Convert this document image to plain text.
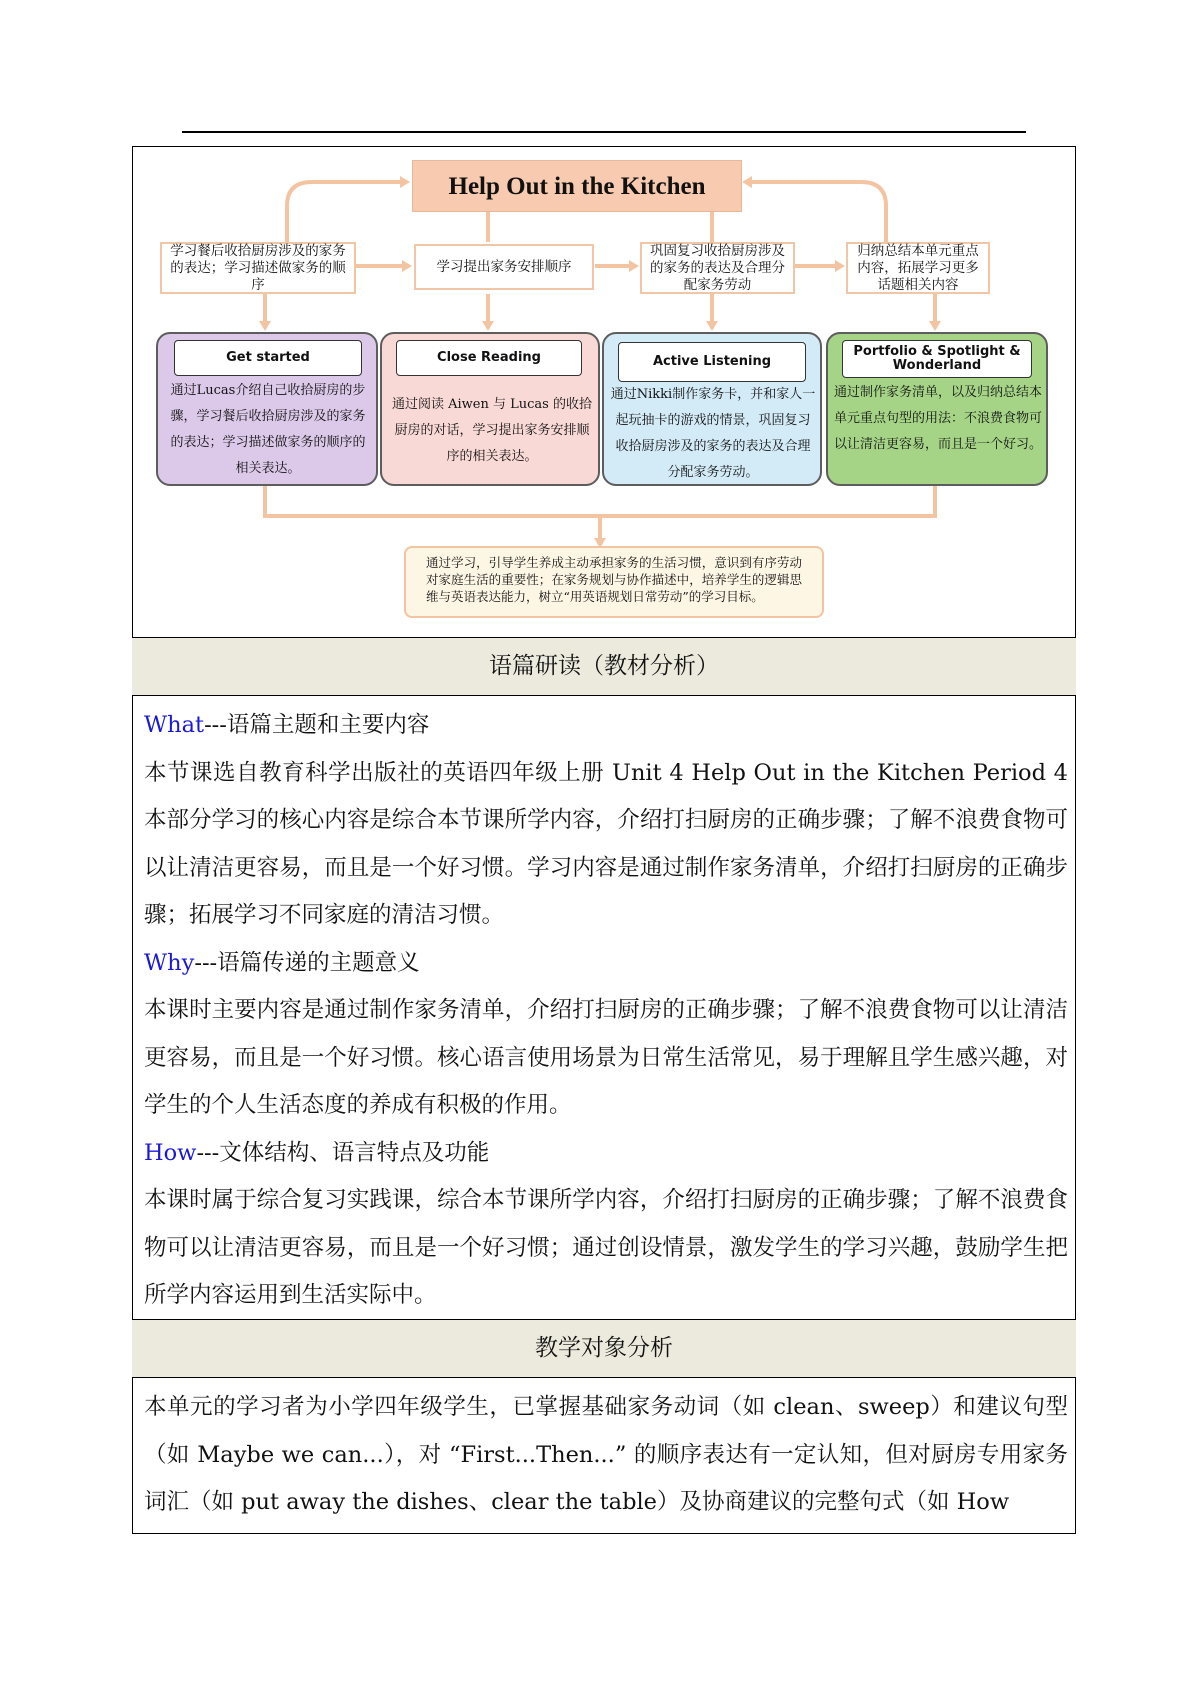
Help Out in the Kitchen
学习餐后收拾厨房涉及的家务的表达；学习描述做家务的顺序
学习提出家务安排顺序
巩固复习收拾厨房涉及的家务的表达及合理分配家务劳动
归纳总结本单元重点内容，拓展学习更多话题相关内容
Get started
通过Lucas介绍自己收拾厨房的步骤，学习餐后收拾厨房涉及的家务的表达；学习描述做家务的顺序的相关表达。
Close Reading
通过阅读 Aiwen 与 Lucas 的收拾厨房的对话，学习提出家务安排顺序的相关表达。
Active Listening
通过Nikki制作家务卡，并和家人一起玩抽卡的游戏的情景，巩固复习收拾厨房涉及的家务的表达及合理分配家务劳动。
Portfolio & Spotlight & Wonderland
通过制作家务清单，以及归纳总结本单元重点句型的用法：不浪费食物可以让清洁更容易，而且是一个好习。
通过学习，引导学生养成主动承担家务的生活习惯，意识到有序劳动对家庭生活的重要性；在家务规划与协作描述中，培养学生的逻辑思维与英语表达能力，树立“用英语规划日常劳动”的学习目标。
语篇研读（教材分析）

What---语篇主题和主要内容

本节课选自教育科学出版社的英语四年级上册 Unit 4 Help Out in the Kitchen Period 4 本部分学习的核心内容是综合本节课所学内容，介绍打扫厨房的正确步骤；了解不浪费食物可以让清洁更容易，而且是一个好习惯。学习内容是通过制作家务清单，介绍打扫厨房的正确步骤；拓展学习不同家庭的清洁习惯。

Why---语篇传递的主题意义

本课时主要内容是通过制作家务清单，介绍打扫厨房的正确步骤；了解不浪费食物可以让清洁更容易，而且是一个好习惯。核心语言使用场景为日常生活常见，易于理解且学生感兴趣，对学生的个人生活态度的养成有积极的作用。

How---文体结构、语言特点及功能

本课时属于综合复习实践课，综合本节课所学内容，介绍打扫厨房的正确步骤；了解不浪费食物可以让清洁更容易，而且是一个好习惯；通过创设情景，激发学生的学习兴趣，鼓励学生把所学内容运用到生活实际中。

教学对象分析

本单元的学习者为小学四年级学生，已掌握基础家务动词（如 clean、sweep）和建议句型（如 Maybe we can...），对 “First...Then...” 的顺序表达有一定认知，但对厨房专用家务词汇（如 put away the dishes、clear the table）及协商建议的完整句式（如 How
